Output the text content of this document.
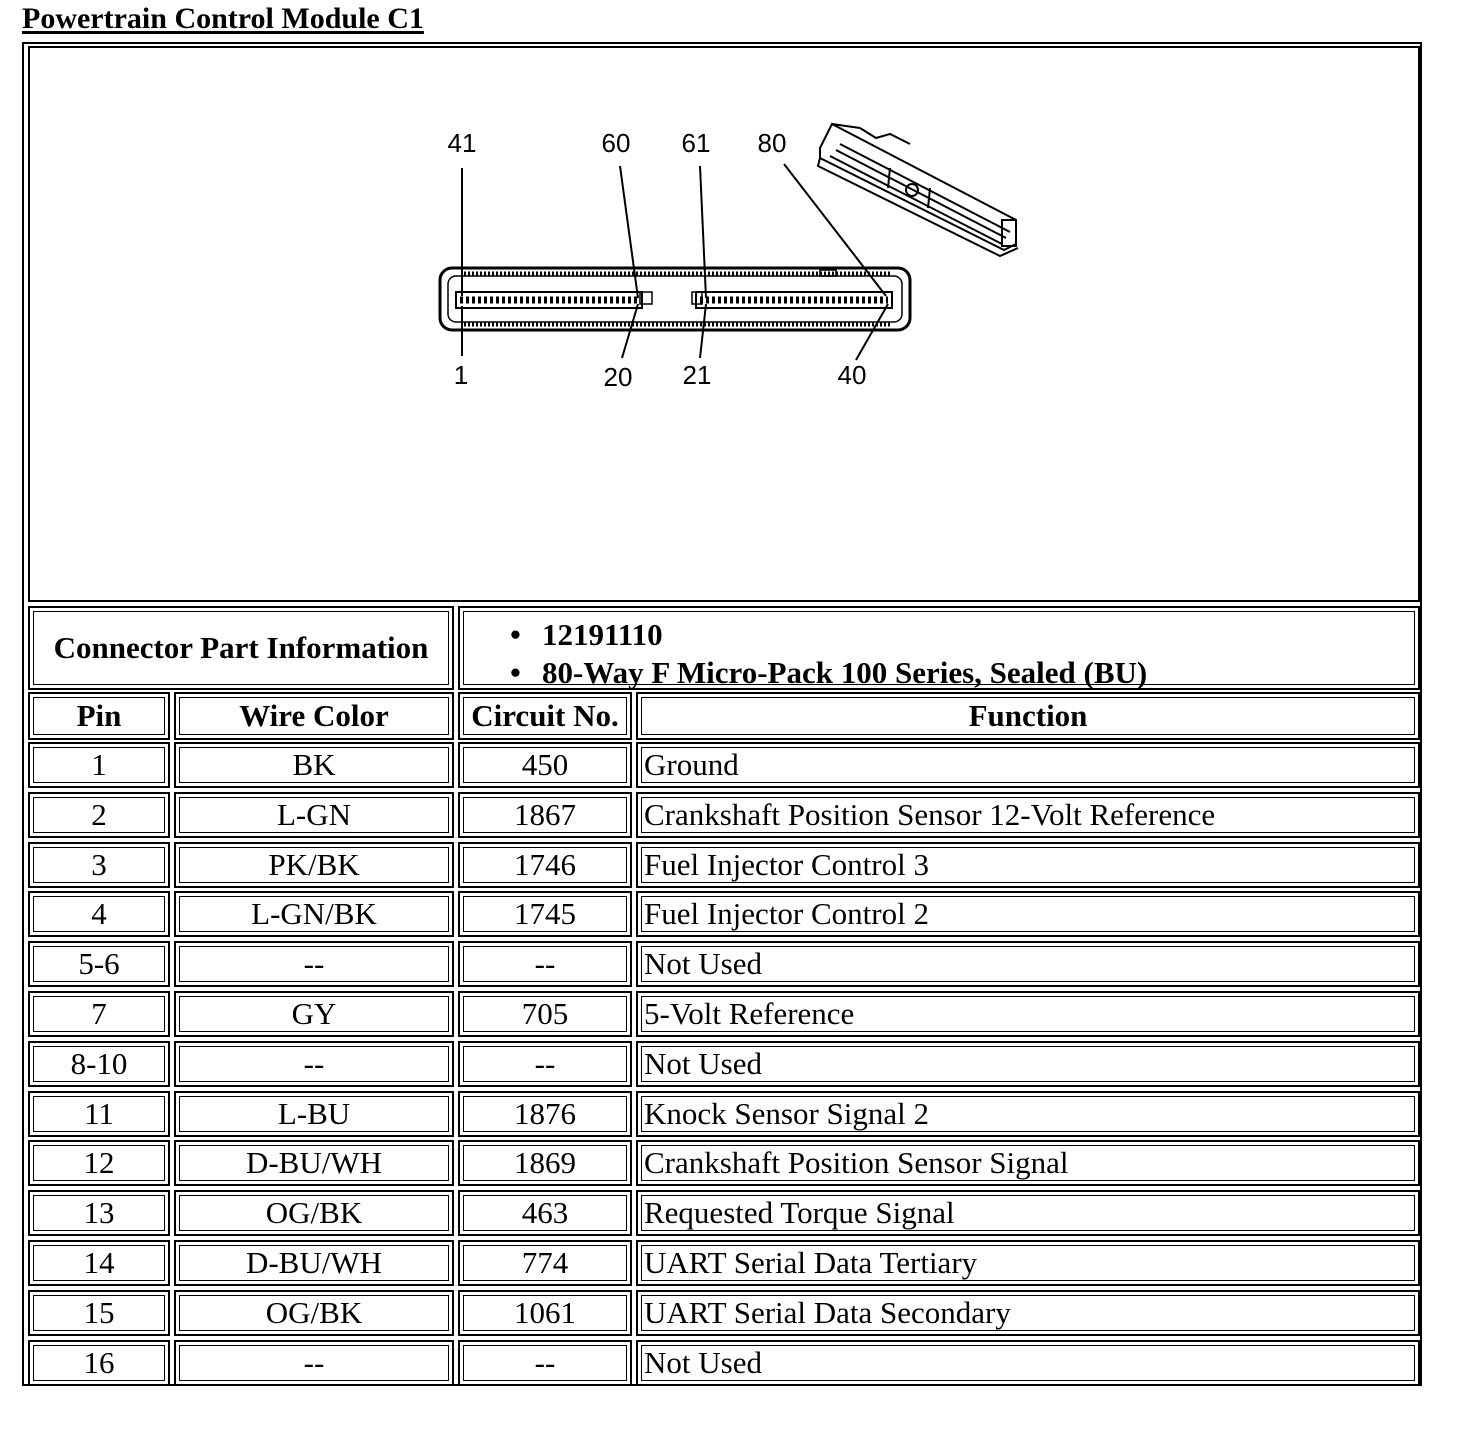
Powertrain Control Module C1
41	60 61 80
1	20 21	40
Connector Part Information	• 12191110
• 80-Way F Micro-Pack 100 Series, Sealed (BU)
Pin	Wire Color	Circuit No.	Function
1	BK	450	Ground
2	L-GN	1867	Crankshaft Position Sensor 12-Volt Reference
3	PK/BK	1746	Fuel Injector Control 3
4	L-GN/BK	1745	Fuel Injector Control 2
5-6	--	--	Not Used
7	GY	705	5-Volt Reference
8-10	--	--	Not Used
11	L-BU	1876	Knock Sensor Signal 2
12	D-BU/WH	1869	Crankshaft Position Sensor Signal
13	OG/BK	463	Requested Torque Signal
14	D-BU/WH	774	UART Serial Data Tertiary
15	OG/BK	1061	UART Serial Data Secondary
16	--	--	Not Used
